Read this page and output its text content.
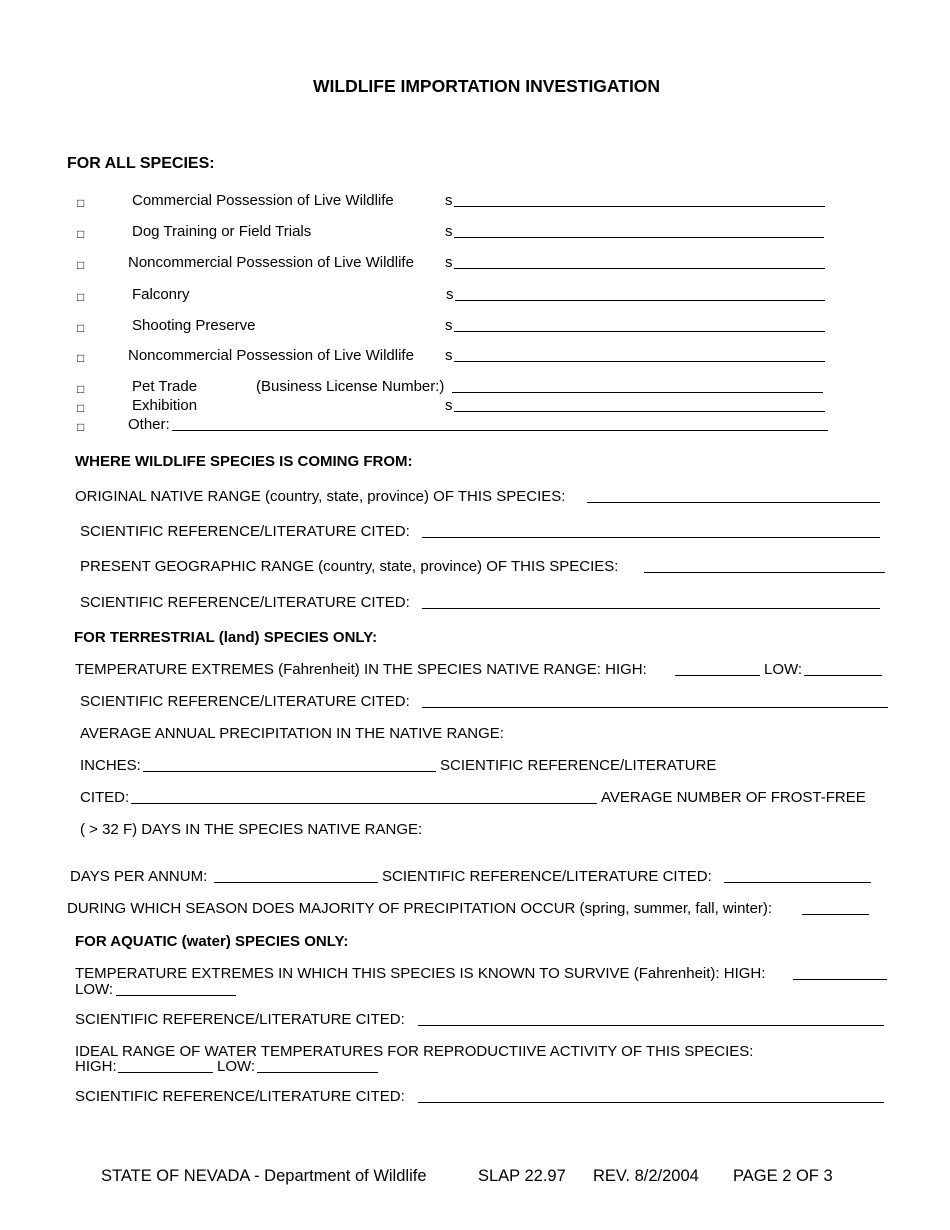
WILDLIFE IMPORTATION INVESTIGATION
FOR ALL SPECIES:
□	Commercial Possession of Live Wildlife	s
□	Dog Training or Field Trials	s
□	Noncommercial Possession of Live Wildlife s
□	Falconry	s
□	Shooting Preserve	s
□	Noncommercial Possession of Live Wildlife s
□	Pet Trade	(Business License Number:)
□	Exhibition	s
□	Other:
WHERE WILDLIFE SPECIES IS COMING FROM:
ORIGINAL NATIVE RANGE (country, state, province) OF THIS SPECIES:
SCIENTIFIC REFERENCE/LITERATURE CITED:
PRESENT GEOGRAPHIC RANGE (country, state, province) OF THIS SPECIES:
SCIENTIFIC REFERENCE/LITERATURE CITED:
FOR TERRESTRIAL (land) SPECIES ONLY:
TEMPERATURE EXTREMES (Fahrenheit) IN THE SPECIES NATIVE RANGE: HIGH:	LOW:
SCIENTIFIC REFERENCE/LITERATURE CITED:
AVERAGE ANNUAL PRECIPITATION IN THE NATIVE RANGE:
INCHES:	SCIENTIFIC REFERENCE/LITERATURE
CITED:	AVERAGE NUMBER OF FROST-FREE
( > 32 F) DAYS IN THE SPECIES NATIVE RANGE:
DAYS PER ANNUM:	SCIENTIFIC REFERENCE/LITERATURE CITED:
DURING WHICH SEASON DOES MAJORITY OF PRECIPITATION OCCUR (spring, summer, fall, winter):
FOR AQUATIC (water) SPECIES ONLY:
TEMPERATURE EXTREMES IN WHICH THIS SPECIES IS KNOWN TO SURVIVE (Fahrenheit): HIGH:
LOW:
SCIENTIFIC REFERENCE/LITERATURE CITED:
IDEAL RANGE OF WATER TEMPERATURES FOR REPRODUCTIIVE ACTIVITY OF THIS SPECIES:
HIGH:	LOW:
SCIENTIFIC REFERENCE/LITERATURE CITED:
STATE OF NEVADA - Department of Wildlife	SLAP 22.97 REV. 8/2/2004 PAGE 2 OF 3
